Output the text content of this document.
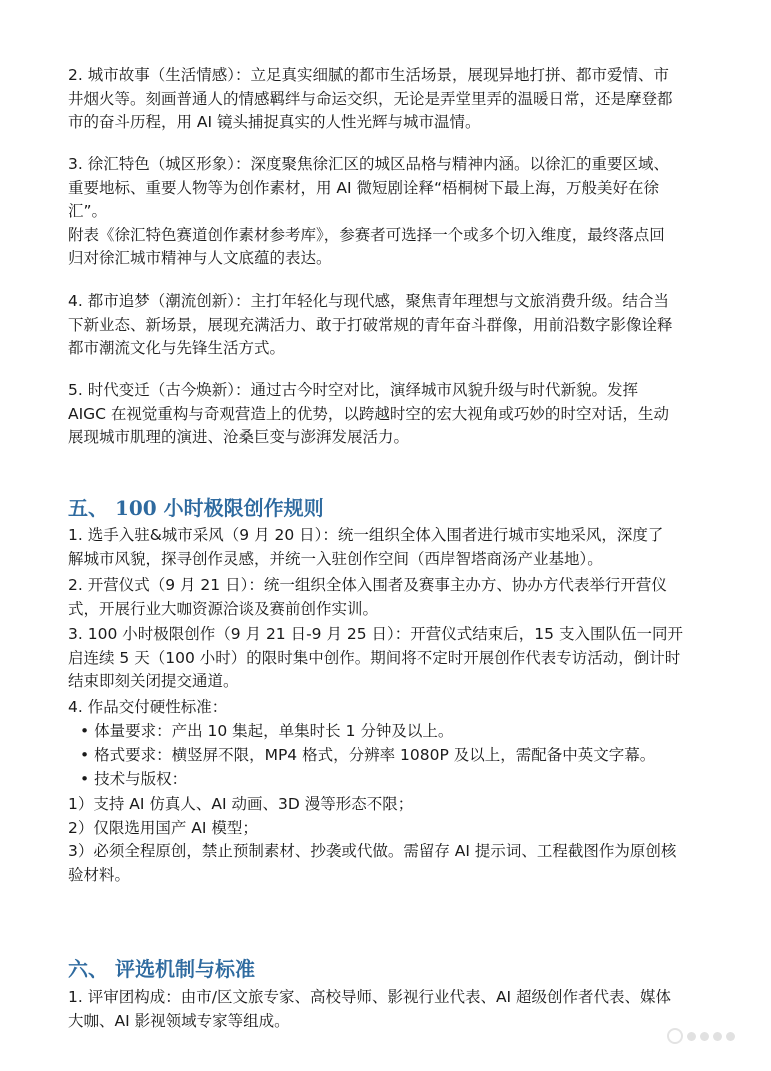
2. 城市故事（生活情感）：立足真实细腻的都市生活场景，展现异地打拼、都市爱情、市
井烟火等。刻画普通人的情感羁绊与命运交织，无论是弄堂里弄的温暖日常，还是摩登都
市的奋斗历程，用 AI 镜头捕捉真实的人性光辉与城市温情。
3. 徐汇特色（城区形象）：深度聚焦徐汇区的城区品格与精神内涵。以徐汇的重要区域、
重要地标、重要人物等为创作素材，用 AI 微短剧诠释“梧桐树下最上海，万般美好在徐
汇”。
附表《徐汇特色赛道创作素材参考库》，参赛者可选择一个或多个切入维度，最终落点回
归对徐汇城市精神与人文底蕴的表达。
4. 都市追梦（潮流创新）：主打年轻化与现代感，聚焦青年理想与文旅消费升级。结合当
下新业态、新场景，展现充满活力、敢于打破常规的青年奋斗群像，用前沿数字影像诠释
都市潮流文化与先锋生活方式。
5. 时代变迁（古今焕新）：通过古今时空对比，演绎城市风貌升级与时代新貌。发挥
AIGC 在视觉重构与奇观营造上的优势，以跨越时空的宏大视角或巧妙的时空对话，生动
展现城市肌理的演进、沧桑巨变与澎湃发展活力。
五、 100 小时极限创作规则
1. 选手入驻&城市采风（9 月 20 日）：统一组织全体入围者进行城市实地采风，深度了
解城市风貌，探寻创作灵感，并统一入驻创作空间（西岸智塔商汤产业基地）。
2. 开营仪式（9 月 21 日）：统一组织全体入围者及赛事主办方、协办方代表举行开营仪
式，开展行业大咖资源洽谈及赛前创作实训。
3. 100 小时极限创作（9 月 21 日-9 月 25 日）：开营仪式结束后，15 支入围队伍一同开
启连续 5 天（100 小时）的限时集中创作。期间将不定时开展创作代表专访活动，倒计时
结束即刻关闭提交通道。

4. 作品交付硬性标准：

• 体量要求：产出 10 集起，单集时长 1 分钟及以上。

• 格式要求：横竖屏不限，MP4 格式，分辨率 1080P 及以上，需配备中英文字幕。

• 技术与版权：

1）支持 AI 仿真人、AI 动画、3D 漫等形态不限；
2）仅限选用国产 AI 模型；
3）必须全程原创，禁止预制素材、抄袭或代做。需留存 AI 提示词、工程截图作为原创核
验材料。
六、 评选机制与标准
1. 评审团构成：由市/区文旅专家、高校导师、影视行业代表、AI 超级创作者代表、媒体
大咖、AI 影视领域专家等组成。
